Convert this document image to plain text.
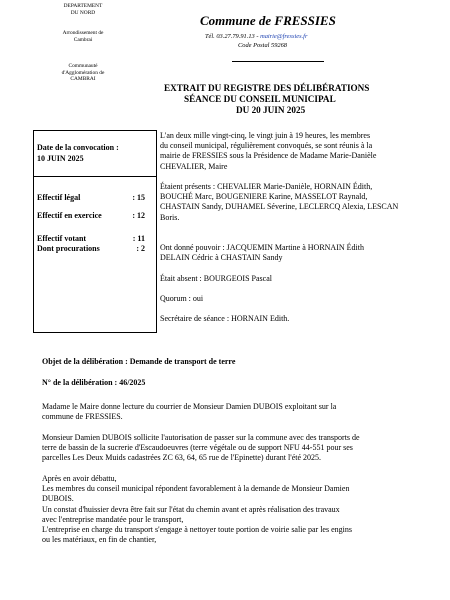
DEPARTEMENT
DU NORD
Arrondissement de
Cambrai
Communauté
d'Agglomération de
CAMBRAI
Commune de FRESSIES
Tél. 03.27.79.91.13 - mairie@fressies.fr
Code Postal 59268
EXTRAIT DU REGISTRE DES DÉLIBÉRATIONS
SÉANCE DU CONSEIL MUNICIPAL
DU 20 JUIN 2025
Date de la convocation :
10 JUIN 2025
Effectif légal	: 15
Effectif en exercice	: 12
Effectif votant	: 11
Dont procurations	: 2
L'an deux mille vingt-cinq, le vingt juin à 19 heures, les membres
du conseil municipal, régulièrement convoqués, se sont réunis à la
mairie de FRESSIES sous la Présidence de Madame Marie-Danièle
CHEVALIER, Maire
Étaient présents : CHEVALIER Marie-Danièle, HORNAIN Édith,
BOUCHÉ Marc, BOUGENIERE Karine, MASSELOT Raynald,
CHASTAIN Sandy, DUHAMEL Séverine, LECLERCQ Alexia, LESCAN
Boris.
Ont donné pouvoir : JACQUEMIN Martine à HORNAIN Édith
DELAIN Cédric à CHASTAIN Sandy
Était absent : BOURGEOIS Pascal
Quorum : oui
Secrétaire de séance : HORNAIN Edith.
Objet de la délibération : Demande de transport de terre
N° de la délibération : 46/2025
Madame le Maire donne lecture du courrier de Monsieur Damien DUBOIS exploitant sur la
commune de FRESSIES.
Monsieur Damien DUBOIS sollicite l'autorisation de passer sur la commune avec des transports de
terre de bassin de la sucrerie d'Escaudoeuvres (terre végétale ou de support NFU 44-551 pour ses
parcelles Les Deux Muids cadastrées ZC 63, 64, 65 rue de l'Epinette) durant l'été 2025.
Après en avoir débattu,
Les membres du conseil municipal répondent favorablement à la demande de Monsieur Damien
DUBOIS.
Un constat d'huissier devra être fait sur l'état du chemin avant et après réalisation des travaux
avec l'entreprise mandatée pour le transport,
L'entreprise en charge du transport s'engage à nettoyer toute portion de voirie salie par les engins
ou les matériaux, en fin de chantier,
